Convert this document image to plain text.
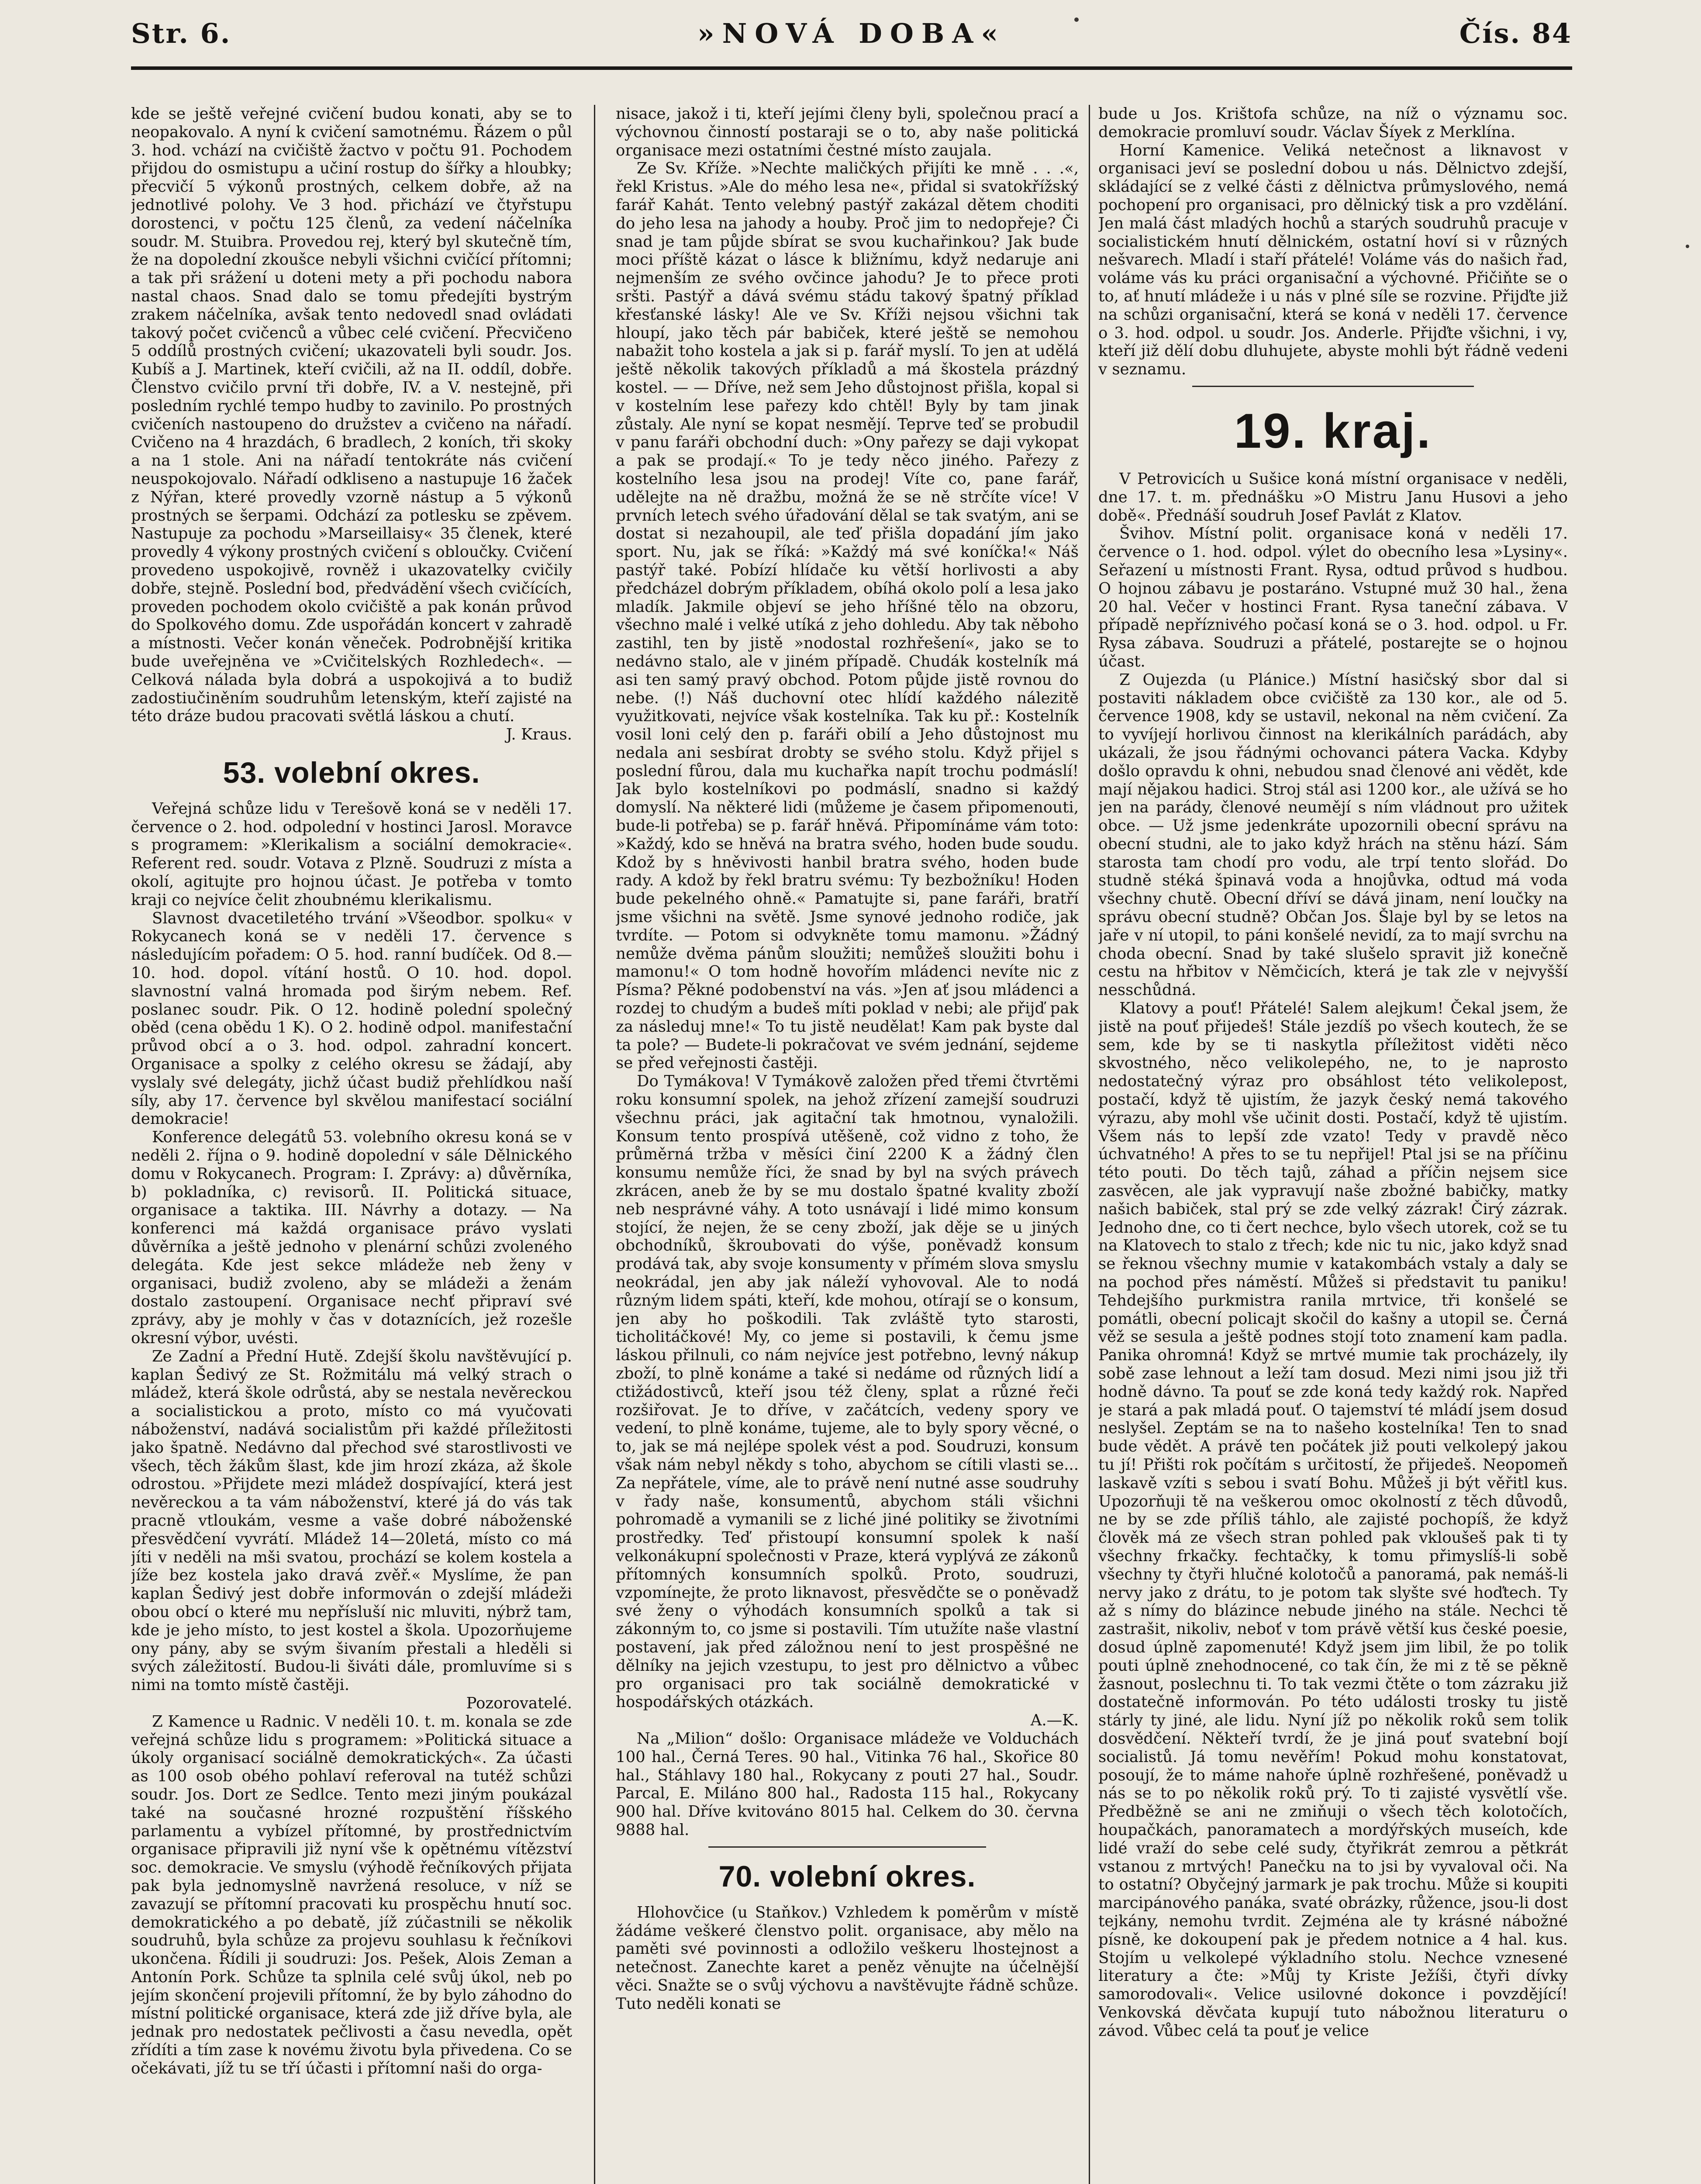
Str. 6.	»NOVÁ DOBA«	Čís. 84

kde se ještě veřejné cvičení budou konati, aby se to neopakovalo. A nyní k cvičení samotnému. Řázem o půl 3. hod. vchází na cvičiště žactvo v počtu 91. Pochodem přijdou do osmistupu a učiní rostup do šířky a hloubky; přecvičí 5 výkonů prostných, celkem dobře, až na jednotlivé polohy. Ve 3 hod. přichází ve čtyřstupu dorostenci, v počtu 125 členů, za vedení náčelníka soudr. M. Stuibra. Provedou rej, který byl skutečně tím, že na dopolední zkoušce nebyli všichni cvičící přítomni; a tak při srážení u doteni mety a při pochodu nabora nastal chaos. Snad dalo se tomu předejíti bystrým zrakem náčelníka, avšak tento nedovedl snad ovládati takový počet cvičenců a vůbec celé cvičení. Přecvičeno 5 oddílů prostných cvičení; ukazovateli byli soudr. Jos. Kubíš a J. Martinek, kteří cvičili, až na II. oddíl, dobře. Členstvo cvičilo první tři dobře, IV. a V. nestejně, při posledním rychlé tempo hudby to zavinilo. Po prostných cvičeních nastoupeno do družstev a cvičeno na nářadí. Cvičeno na 4 hrazdách, 6 bradlech, 2 koních, tři skoky a na 1 stole. Ani na nářadí tentokráte nás cvičení neuspokojovalo. Nářadí odkliseno a nastupuje 16 žaček z Nýřan, které provedly vzorně nástup a 5 výkonů prostných se šerpami. Odchází za potlesku se zpěvem. Nastupuje za pochodu »Marseillaisy« 35 členek, které provedly 4 výkony prostných cvičení s obloučky. Cvičení provedeno uspokojivě, rovněž i ukazovatelky cvičily dobře, stejně. Poslední bod, předvádění všech cvičících, proveden pochodem okolo cvičiště a pak konán průvod do Spolkového domu. Zde uspořádán koncert v zahradě a místnosti. Večer konán věneček. Podrobnější kritika bude uveřejněna ve »Cvičitelských Rozhledech«. — Celková nálada byla dobrá a uspokojivá a to budiž zadostiučiněním soudruhům letenským, kteří zajisté na této dráze budou pracovati světlá láskou a chutí.

J. Kraus.

53. volební okres.

Veřejná schůze lidu v Terešově koná se v neděli 17. července o 2. hod. odpolední v hostinci Jarosl. Moravce s programem: »Klerikalism a sociální demokracie«. Referent red. soudr. Votava z Plzně. Soudruzi z místa a okolí, agitujte pro hojnou účast. Je potřeba v tomto kraji co nejvíce čelit zhoubnému klerikalismu.

Slavnost dvacetiletého trvání »Všeodbor. spolku« v Rokycanech koná se v neděli 17. července s následujícím pořadem: O 5. hod. ranní budíček. Od 8.—10. hod. dopol. vítání hostů. O 10. hod. dopol. slavnostní valná hromada pod širým nebem. Ref. poslanec soudr. Pik. O 12. hodině polední společný oběd (cena obědu 1 K). O 2. hodině odpol. manifestační průvod obcí a o 3. hod. odpol. zahradní koncert. Organisace a spolky z celého okresu se žádají, aby vyslaly své delegáty, jichž účast budiž přehlídkou naší síly, aby 17. července byl skvělou manifestací sociální demokracie!

Konference delegátů 53. volebního okresu koná se v neděli 2. října o 9. hodině dopolední v sále Dělnického domu v Rokycanech. Program: I. Zprávy: a) důvěrníka, b) pokladníka, c) revisorů. II. Politická situace, organisace a taktika. III. Návrhy a dotazy. — Na konferenci má každá organisace právo vyslati důvěrníka a ještě jednoho v plenární schůzi zvoleného delegáta. Kde jest sekce mládeže neb ženy v organisaci, budiž zvoleno, aby se mládeži a ženám dostalo zastoupení. Organisace nechť připraví své zprávy, aby je mohly v čas v dotaznících, jež rozešle okresní výbor, uvésti.

Ze Zadní a Přední Hutě. Zdejší školu navštěvující p. kaplan Šedivý ze St. Rožmitálu má velký strach o mládež, která škole odrůstá, aby se nestala nevěreckou a socialistickou a proto, místo co má vyučovati náboženství, nadává socialistům při každé příležitosti jako špatně. Nedávno dal přechod své starostlivosti ve všech, těch žákům šlast, kde jim hrozí zkáza, až škole odrostou. »Přijdete mezi mládež dospívající, která jest nevěreckou a ta vám náboženství, které já do vás tak pracně vtloukám, vesme a vaše dobré náboženské přesvědčení vyvrátí. Mládež 14—20letá, místo co má jíti v neděli na mši svatou, prochází se kolem kostela a jíže bez kostela jako dravá zvěř.« Myslíme, že pan kaplan Šedivý jest dobře informován o zdejší mládeži obou obcí o které mu nepřísluší nic mluviti, nýbrž tam, kde je jeho místo, to jest kostel a škola. Upozorňujeme ony pány, aby se svým šivaním přestali a hleděli si svých záležitostí. Budou-li šiváti dále, promluvíme si s nimi na tomto místě častěji.

Pozorovatelé.

Z Kamence u Radnic. V neděli 10. t. m. konala se zde veřejná schůze lidu s programem: »Politická situace a úkoly organisací sociálně demokratických«. Za účasti as 100 osob obého pohlaví referoval na tutéž schůzi soudr. Jos. Dort ze Sedlce. Tento mezi jiným poukázal také na současné hrozné rozpuštění říšského parlamentu a vybízel přítomné, by prostřednictvím organisace připravili již nyní vše k opětnému vítězství soc. demokracie. Ve smyslu (výhodě řečníkových přijata pak byla jednomyslně navržená resoluce, v níž se zavazují se přítomní pracovati ku prospěchu hnutí soc. demokratického a po debatě, jíž zúčastnili se několik soudruhů, byla schůze za projevu souhlasu k řečníkovi ukončena. Řídili ji soudruzi: Jos. Pešek, Alois Zeman a Antonín Pork. Schůze ta splnila celé svůj úkol, neb po jejím skončení projevili přítomní, že by bylo záhodno do místní politické organisace, která zde již dříve byla, ale jednak pro nedostatek pečlivosti a času nevedla, opět zřídíti a tím zase k novému životu byla přivedena. Co se očekávati, jíž tu se tří účasti i přítomní naši do orga-

nisace, jakož i ti, kteří jejími členy byli, společnou prací a výchovnou činností postaraji se o to, aby naše politická organisace mezi ostatními čestné místo zaujala.

Ze Sv. Kříže. »Nechte maličkých přijíti ke mně . . .«, řekl Kristus. »Ale do mého lesa ne«, přidal si svatokřížský farář Kahát. Tento velebný pastýř zakázal dětem choditi do jeho lesa na jahody a houby. Proč jim to nedopřeje? Či snad je tam půjde sbírat se svou kuchařinkou? Jak bude moci příště kázat o lásce k bližnímu, když nedaruje ani nejmenším ze svého ovčince jahodu? Je to přece proti sršti. Pastýř a dává svému stádu takový špatný příklad křesťanské lásky! Ale ve Sv. Kříži nejsou všichni tak hloupí, jako těch pár babiček, které ještě se nemohou nabažit toho kostela a jak si p. farář myslí. To jen at udělá ještě několik takových příkladů a má škostela prázdný kostel. — — Dříve, než sem Jeho důstojnost přišla, kopal si v kostelním lese pařezy kdo chtěl! Byly by tam jinak zůstaly. Ale nyní se kopat nesmějí. Teprve teď se probudil v panu faráři obchodní duch: »Ony pařezy se daji vykopat a pak se prodají.« To je tedy něco jiného. Pařezy z kostelního lesa jsou na prodej! Víte co, pane farář, udělejte na ně dražbu, možná že se ně strčíte více! V prvních letech svého úřadování dělal se tak svatým, ani se dostat si nezahoupil, ale teď přišla dopadání jím jako sport. Nu, jak se říká: »Každý má své koníčka!« Náš pastýř také. Pobízí hlídače ku větší horlivosti a aby předcházel dobrým příkladem, obíhá okolo polí a lesa jako mladík. Jakmile objeví se jeho hříšné tělo na obzoru, všechno malé i velké utíká z jeho dohledu. Aby tak něboho zastihl, ten by jistě »nodostal rozhřešení«, jako se to nedávno stalo, ale v jiném případě. Chudák kostelník má asi ten samý pravý obchod. Potom půjde jistě rovnou do nebe. (!) Náš duchovní otec hlídí každého nálezitě využitkovati, nejvíce však kostelníka. Tak ku př.: Kostelník vosil loni celý den p. faráři obilí a Jeho důstojnost mu nedala ani sesbírat drobty se svého stolu. Když přijel s poslední fůrou, dala mu kuchařka napít trochu podmáslí! Jak bylo kostelníkovi po podmáslí, snadno si každý domyslí. Na některé lidi (můžeme je časem připomenouti, bude-li potřeba) se p. farář hněvá. Připomínáme vám toto: »Každý, kdo se hněvá na bratra svého, hoden bude soudu. Kdož by s hněvivosti hanbil bratra svého, hoden bude rady. A kdož by řekl bratru svému: Ty bezbožníku! Hoden bude pekelného ohně.« Pamatujte si, pane faráři, bratří jsme všichni na světě. Jsme synové jednoho rodiče, jak tvrdíte. — Potom si odvykněte tomu mamonu. »Žádný nemůže dvěma pánům sloužiti; nemůžeš sloužiti bohu i mamonu!« O tom hodně hovořím mládenci nevíte nic z Písma? Pěkné podobenství na vás. »Jen ať jsou mládenci a rozdej to chudým a budeš míti poklad v nebi; ale přijď pak za následuj mne!« To tu jistě neudělat! Kam pak byste dal ta pole? — Budete-li pokračovat ve svém jednání, sejdeme se před veřejnosti častěji.

Do Tymákova! V Tymákově založen před třemi čtvrtěmi roku konsumní spolek, na jehož zřízení zamejší soudruzi všechnu práci, jak agitační tak hmotnou, vynaložili. Konsum tento prospívá utěšeně, což vidno z toho, že průměrná tržba v měsíci činí 2200 K a žádný člen konsumu nemůže říci, že snad by byl na svých právech zkrácen, aneb že by se mu dostalo špatné kvality zboží neb nesprávné váhy. A toto usnávají i lidé mimo konsum stojící, že nejen, že se ceny zboží, jak děje se u jiných obchodníků, škroubovati do výše, poněvadž konsum prodává tak, aby svoje konsumenty v přímém slova smyslu neokrádal, jen aby jak náleží vyhovoval. Ale to nodá různým lidem spáti, kteří, kde mohou, otírají se o konsum, jen aby ho poškodili. Tak zvláště tyto starosti, ticholitáčkové! My, co jeme si postavili, k čemu jsme láskou přilnuli, co nám nejvíce jest potřebno, levný nákup zboží, to plně konáme a také si nedáme od různých lidí a ctižádostivců, kteří jsou též členy, splat a různé řeči rozšiřovat. Je to dříve, v začátcích, vedeny spory ve vedení, to plně konáme, tujeme, ale to byly spory věcné, o to, jak se má nejlépe spolek vést a pod. Soudruzi, konsum však nám nebyl někdy s toho, abychom se cítili vlasti se... Za nepřátele, víme, ale to právě není nutné asse soudruhy v řady naše, konsumentů, abychom stáli všichni pohromadě a vymanili se z liché jiné politiky se životními prostředky. Teď přistoupí konsumní spolek k naší velkonákupní společnosti v Praze, která vyplývá ze zákonů přítomných konsumních spolků. Proto, soudruzi, vzpomínejte, že proto liknavost, přesvědčte se o poněvadž své ženy o výhodách konsumních spolků a tak si zákonným to, co jsme si postavili. Tím utužíte naše vlastní postavení, jak před záložnou není to jest prospěšné ne dělníky na jejich vzestupu, to jest pro dělnictvo a vůbec pro organisaci pro tak sociálně demokratické v hospodářských otázkách.

A.—K.

Na „Milion“ došlo: Organisace mládeže ve Volduchách 100 hal., Černá Teres. 90 hal., Vitinka 76 hal., Skořice 80 hal., Stáhlavy 180 hal., Rokycany z pouti 27 hal., Soudr. Parcal, E. Miláno 800 hal., Radosta 115 hal., Rokycany 900 hal. Dříve kvitováno 8015 hal. Celkem do 30. června 9888 hal.

70. volební okres.

Hlohovčice (u Staňkov.) Vzhledem k poměrům v místě žádáme veškeré členstvo polit. organisace, aby mělo na paměti své povinnosti a odložilo veškeru lhostejnost a netečnost. Zanechte karet a peněz věnujte na účelnější věci. Snažte se o svůj výchovu a navštěvujte řádně schůze. Tuto neděli konati se

bude u Jos. Krištofa schůze, na níž o významu soc. demokracie promluví soudr. Václav Šíyek z Merklína.

Horní Kamenice. Veliká netečnost a liknavost v organisaci jeví se poslední dobou u nás. Dělnictvo zdejší, skládající se z velké části z dělnictva průmyslového, nemá pochopení pro organisaci, pro dělnický tisk a pro vzdělání. Jen malá část mladých hochů a starých soudruhů pracuje v socialistickém hnutí dělnickém, ostatní hoví si v různých nešvarech. Mladí i staří přátelé! Voláme vás do našich řad, voláme vás ku práci organisační a výchovné. Přičiňte se o to, ať hnutí mládeže i u nás v plné síle se rozvine. Přijďte již na schůzi organisační, která se koná v neděli 17. července o 3. hod. odpol. u soudr. Jos. Anderle. Přijďte všichni, i vy, kteří již dělí dobu dluhujete, abyste mohli být řádně vedeni v seznamu.

19. kraj.

V Petrovicích u Sušice koná místní organisace v neděli, dne 17. t. m. přednášku »O Mistru Janu Husovi a jeho době«. Přednáší soudruh Josef Pavlát z Klatov.

Švihov. Místní polit. organisace koná v neděli 17. července o 1. hod. odpol. výlet do obecního lesa »Lysiny«. Seřazení u místnosti Frant. Rysa, odtud průvod s hudbou. O hojnou zábavu je postaráno. Vstupné muž 30 hal., žena 20 hal. Večer v hostinci Frant. Rysa taneční zábava. V případě nepříznivého počasí koná se o 3. hod. odpol. u Fr. Rysa zábava. Soudruzi a přátelé, postarejte se o hojnou účast.

Z Oujezda (u Plánice.) Místní hasičský sbor dal si postaviti nákladem obce cvičiště za 130 kor., ale od 5. července 1908, kdy se ustavil, nekonal na něm cvičení. Za to vyvíjejí horlivou činnost na klerikálních parádách, aby ukázali, že jsou řádnými ochovanci pátera Vacka. Kdyby došlo opravdu k ohni, nebudou snad členové ani vědět, kde mají nějakou hadici. Stroj stál asi 1200 kor., ale užívá se ho jen na parády, členové neumějí s ním vládnout pro užitek obce. — Už jsme jedenkráte upozornili obecní správu na obecní studni, ale to jako když hrách na stěnu hází. Sám starosta tam chodí pro vodu, ale trpí tento slořád. Do studně stéká špinavá voda a hnojůvka, odtud má voda všechny chutě. Obecní dříví se dává jinam, není loučky na správu obecní studně? Občan Jos. Šlaje byl by se letos na jaře v ní utopil, to páni konšelé nevidí, za to mají svrchu na choda obecní. Snad by také slušelo spravit již konečně cestu na hřbitov v Němčicích, která je tak zle v nejvyšší nesschůdná.

Klatovy a pouť! Přátelé! Salem alejkum! Čekal jsem, že jistě na pouť přijedeš! Stále jezdíš po všech koutech, že se sem, kde by se ti naskytla příležitost viděti něco skvostného, něco velikolepého, ne, to je naprosto nedostatečný výraz pro obsáhlost této velikolepost, postačí, když tě ujistím, že jazyk český nemá takového výrazu, aby mohl vše učinit dosti. Postačí, když tě ujistím. Všem nás to lepší zde vzato! Tedy v pravdě něco úchvatného! A přes to se tu nepřijel! Ptal jsi se na příčinu této pouti. Do těch tajů, záhad a příčin nejsem sice zasvěcen, ale jak vypravují naše zbožné babičky, matky našich babiček, stal prý se zde velký zázrak! Čirý zázrak. Jednoho dne, co ti čert nechce, bylo všech utorek, což se tu na Klatovech to stalo z třech; kde nic tu nic, jako když snad se řeknou všechny mumie v katakombách vstaly a daly se na pochod přes náměstí. Můžeš si představit tu paniku! Tehdejšího purkmistra ranila mrtvice, tři konšelé se pomátli, obecní policajt skočil do kašny a utopil se. Černá věž se sesula a ještě podnes stojí toto znamení kam padla. Panika ohromná! Když se mrtvé mumie tak procházely, ily sobě zase lehnout a leží tam dosud. Mezi nimi jsou již tři hodně dávno. Ta pouť se zde koná tedy každý rok. Napřed je stará a pak mladá pouť. O tajemství té mládí jsem dosud neslyšel. Zeptám se na to našeho kostelníka! Ten to snad bude vědět. A právě ten počátek již pouti velkolepý jakou tu jí! Přišti rok počítám s určitostí, že přijedeš. Neopomeň laskavě vzíti s sebou i svatí Bohu. Můžeš ji být věřitl kus. Upozorňuji tě na veškerou omoc okolností z těch důvodů, ne by se zde příliš táhlo, ale zajisté pochopíš, že když člověk má ze všech stran pohled pak vkloušeš pak ti ty všechny frkačky. fechtačky, k tomu přimyslíš-li sobě všechny ty čtyři hlučné kolotočů a panoramá, pak nemáš-li nervy jako z drátu, to je potom tak slyšte své hoďtech. Ty až s nímy do blázince nebude jiného na stále. Nechci tě zastrašit, nikoliv, neboť v tom právě větší kus české poesie, dosud úplně zapomenuté! Když jsem jim libil, že po tolik pouti úplně znehodnocené, co tak čín, že mi z tě se pěkně žasnout, poslechnu ti. To tak vezmi čtěte o tom zázraku již dostatečně informován. Po této události trosky tu jistě stárly ty jiné, ale lidu. Nyní jíž po několik roků sem tolik dosvědčení. Někteří tvrdí, že je jiná pouť svatební bojí socialistů. Já tomu nevěřím! Pokud mohu konstatovat, posoují, že to máme nahoře úplně rozhřešené, poněvadž u nás se to po několik roků prý. To ti zajisté vysvětlí vše. Předběžně se ani ne zmiňuji o všech těch kolotočích, houpačkách, panoramatech a mordýřských museích, kde lidé vraží do sebe celé sudy, čtyřikrát zemrou a pětkrát vstanou z mrtvých! Panečku na to jsi by vyvaloval oči. Na to ostatní? Obyčejný jarmark je pak trochu. Může si koupiti marcipánového panáka, svaté obrázky, růžence, jsou-li dost tejkány, nemohu tvrdit. Zejména ale ty krásné nábožné písně, ke dokoupení pak je předem notnice a 4 hal. kus. Stojím u velkolepé výkladního stolu. Nechce vznesené literatury a čte: »Můj ty Kriste Ježíši, čtyři dívky samorodovali«. Velice usilovné dokonce i povzdějící! Venkovská děvčata kupují tuto nábožnou literaturu o závod. Vůbec celá ta pouť je velice
